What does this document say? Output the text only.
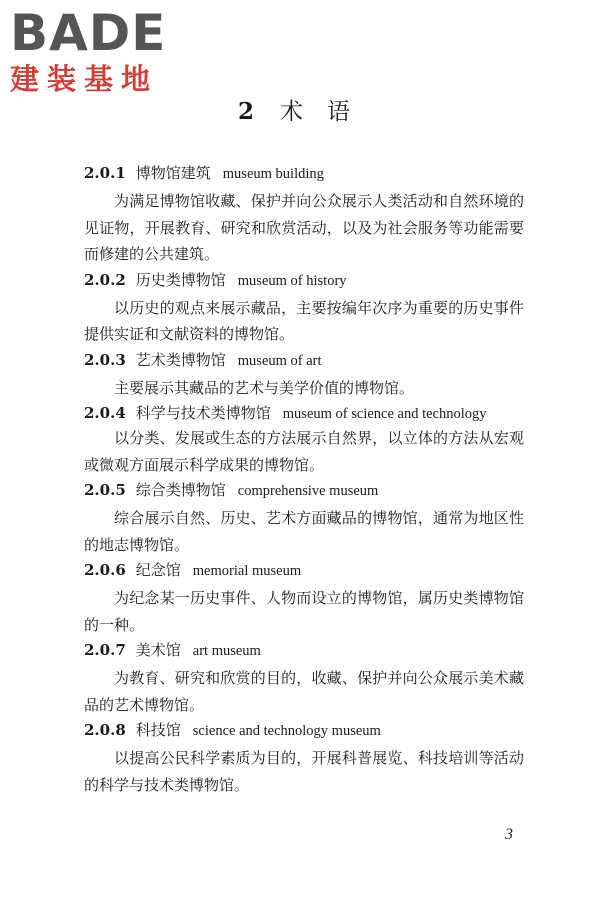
BADE
建装基地
2 术 语
2.0.1 博物馆建筑 museum building

为满足博物馆收藏、保护并向公众展示人类活动和自然环境的见证物，开展教育、研究和欣赏活动，以及为社会服务等功能需要而修建的公共建筑。

2.0.2 历史类博物馆 museum of history

以历史的观点来展示藏品，主要按编年次序为重要的历史事件提供实证和文献资料的博物馆。

2.0.3 艺术类博物馆 museum of art

主要展示其藏品的艺术与美学价值的博物馆。

2.0.4 科学与技术类博物馆 museum of science and technology

以分类、发展或生态的方法展示自然界，以立体的方法从宏观或微观方面展示科学成果的博物馆。

2.0.5 综合类博物馆 comprehensive museum

综合展示自然、历史、艺术方面藏品的博物馆，通常为地区性的地志博物馆。

2.0.6 纪念馆 memorial museum

为纪念某一历史事件、人物而设立的博物馆，属历史类博物馆的一种。

2.0.7 美术馆 art museum

为教育、研究和欣赏的目的，收藏、保护并向公众展示美术藏品的艺术博物馆。

2.0.8 科技馆 science and technology museum

以提高公民科学素质为目的，开展科普展览、科技培训等活动的科学与技术类博物馆。

3
